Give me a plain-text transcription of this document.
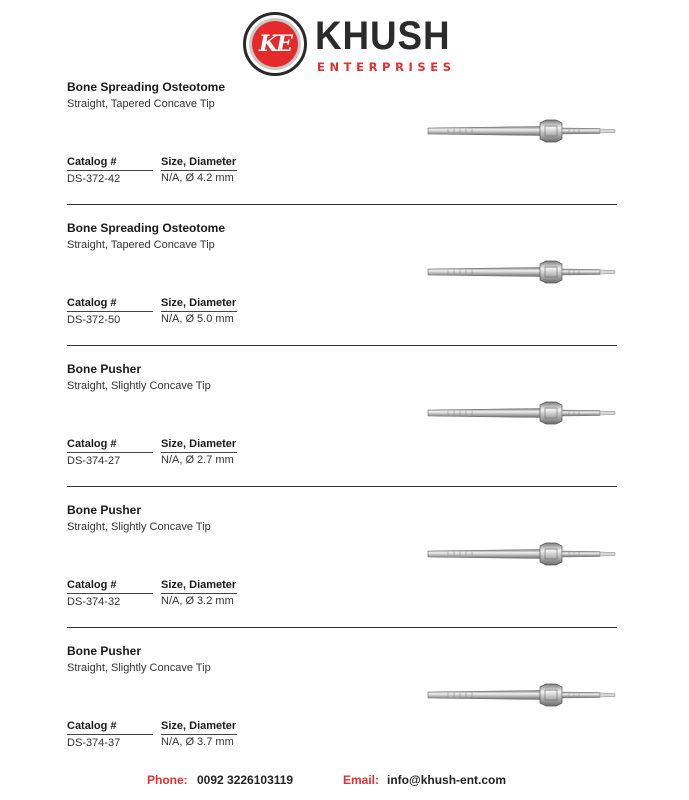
KE KHUSH
ENTERPRISES
Bone Spreading Osteotome
Straight, Tapered Concave Tip
Catalog #	Size, Diameter
DS-372-42	N/A, Ø 4.2 mm
Bone Spreading Osteotome
Straight, Tapered Concave Tip
Catalog #	Size, Diameter
DS-372-50	N/A, Ø 5.0 mm
Bone Pusher
Straight, Slightly Concave Tip
Catalog #	Size, Diameter
DS-374-27	N/A, Ø 2.7 mm
Bone Pusher
Straight, Slightly Concave Tip
Catalog #	Size, Diameter
DS-374-32	N/A, Ø 3.2 mm
Bone Pusher
Straight, Slightly Concave Tip
Catalog #	Size, Diameter
DS-374-37	N/A, Ø 3.7 mm
Phone: 0092 3226103119	Email: info@khush-ent.com
